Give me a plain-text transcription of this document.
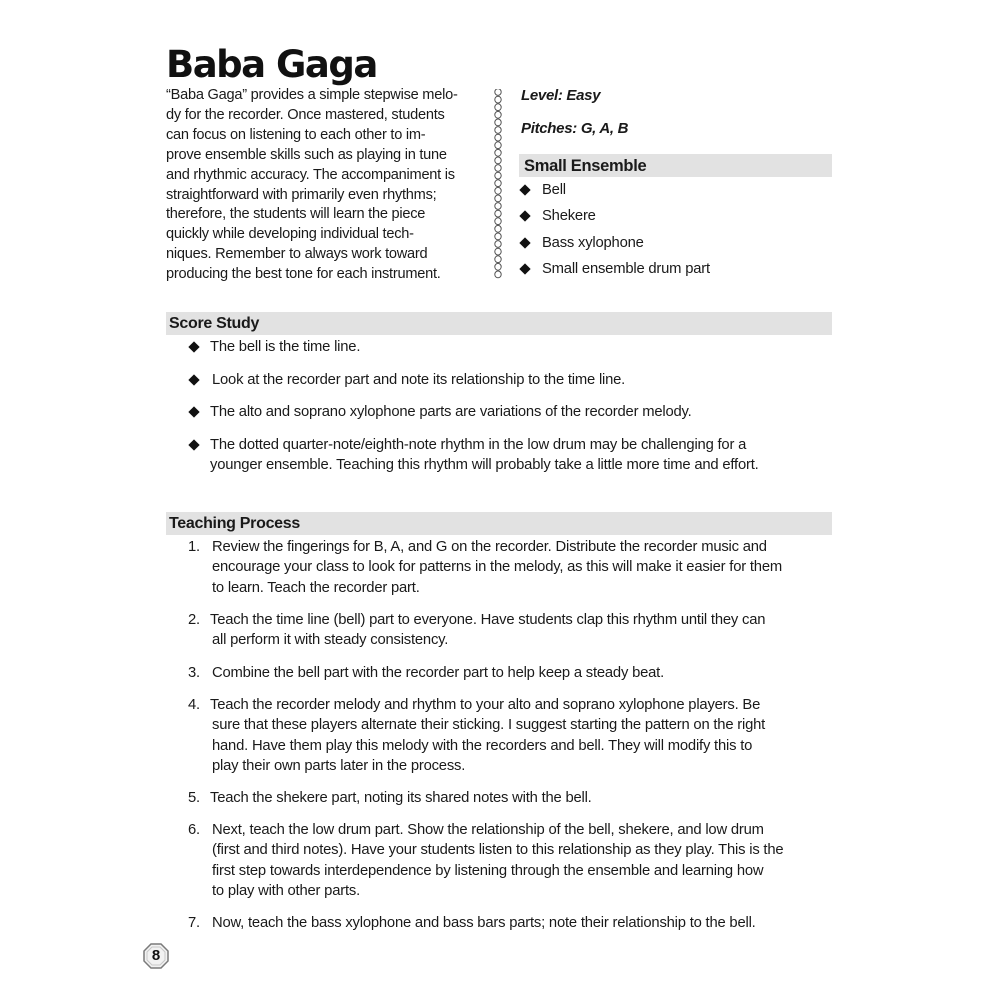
Baba Gaga
“Baba Gaga” provides a simple stepwise melo-
dy for the recorder. Once mastered, students
can focus on listening to each other to im-
prove ensemble skills such as playing in tune
and rhythmic accuracy. The accompaniment is
straightforward with primarily even rhythms;
therefore, the students will learn the piece
quickly while developing individual tech-
niques. Remember to always work toward
producing the best tone for each instrument.

Level: Easy

Pitches: G, A, B

Small Ensemble
Bell
Shekere
Bass xylophone
Small ensemble drum part
Score Study
The bell is the time line.
Look at the recorder part and note its relationship to the time line.
The alto and soprano xylophone parts are variations of the recorder melody.
The dotted quarter-note/eighth-note rhythm in the low drum may be challenging for a
younger ensemble. Teaching this rhythm will probably take a little more time and effort.
Teaching Process
1. Review the fingerings for B, A, and G on the recorder. Distribute the recorder music and
encourage your class to look for patterns in the melody, as this will make it easier for them
to learn. Teach the recorder part.
2. Teach the time line (bell) part to everyone. Have students clap this rhythm until they can
all perform it with steady consistency.
3. Combine the bell part with the recorder part to help keep a steady beat.
4. Teach the recorder melody and rhythm to your alto and soprano xylophone players. Be
sure that these players alternate their sticking. I suggest starting the pattern on the right
hand. Have them play this melody with the recorders and bell. They will modify this to
play their own parts later in the process.
5. Teach the shekere part, noting its shared notes with the bell.
6. Next, teach the low drum part. Show the relationship of the bell, shekere, and low drum
(first and third notes). Have your students listen to this relationship as they play. This is the
first step towards interdependence by listening through the ensemble and learning how
to play with other parts.
7. Now, teach the bass xylophone and bass bars parts; note their relationship to the bell.
8
